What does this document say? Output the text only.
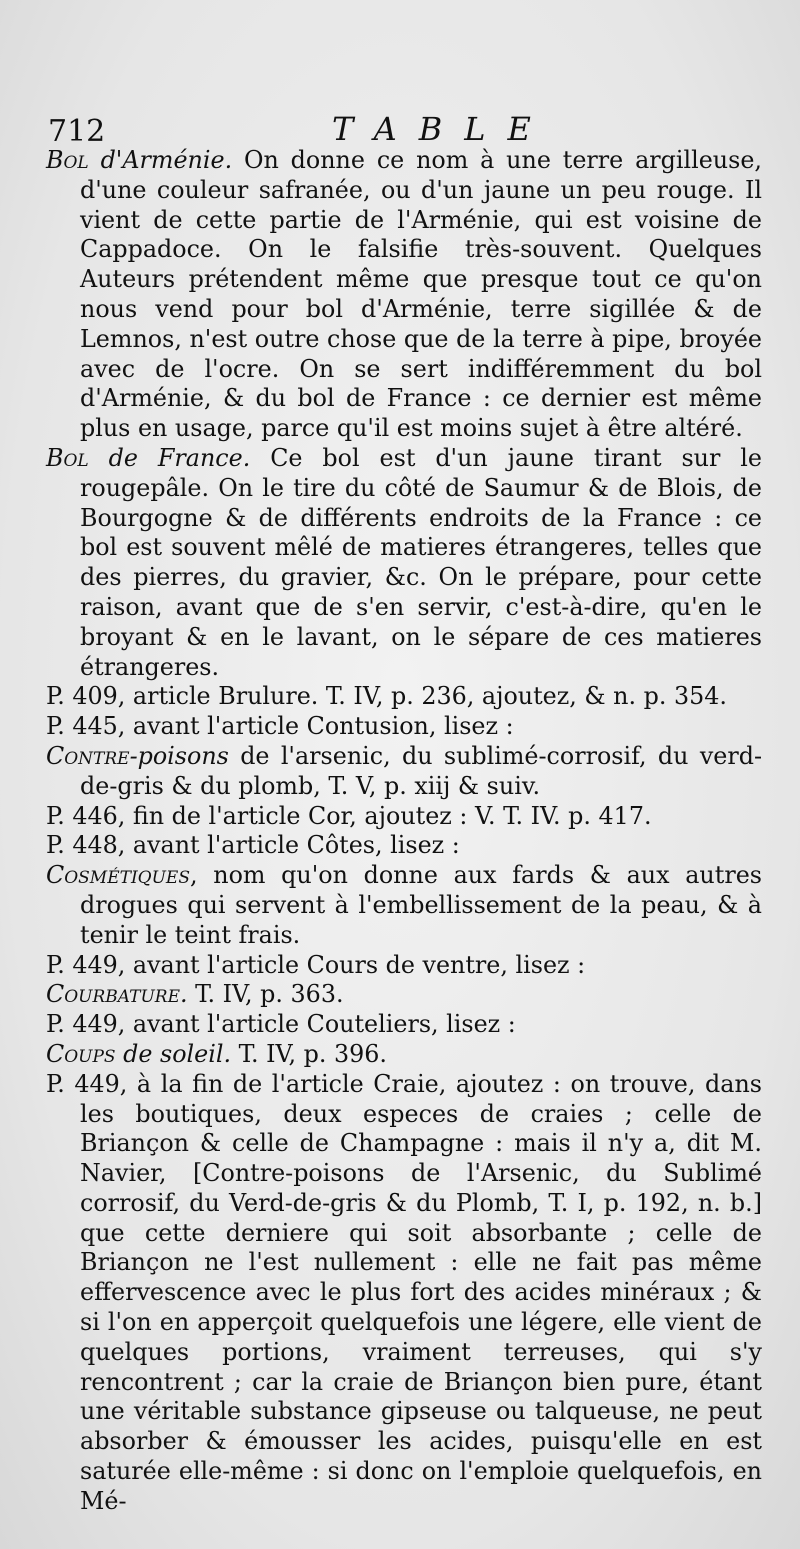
712	TABLE

Bol d'Arménie. On donne ce nom à une terre argilleuse, d'une couleur safranée, ou d'un jaune un peu rouge. Il vient de cette partie de l'Arménie, qui est voisine de Cappadoce. On le falsifie très-souvent. Quelques Auteurs prétendent même que presque tout ce qu'on nous vend pour bol d'Arménie, terre sigillée & de Lemnos, n'est outre chose que de la terre à pipe, broyée avec de l'ocre. On se sert indifféremment du bol d'Arménie, & du bol de France : ce dernier est même plus en usage, parce qu'il est moins sujet à être altéré.

Bol de France. Ce bol est d'un jaune tirant sur le rougepâle. On le tire du côté de Saumur & de Blois, de Bourgogne & de différents endroits de la France : ce bol est souvent mêlé de matieres étrangeres, telles que des pierres, du gravier, &c. On le prépare, pour cette raison, avant que de s'en servir, c'est-à-dire, qu'en le broyant & en le lavant, on le sépare de ces matieres étrangeres.

P. 409, article Brulure. T. IV, p. 236, ajoutez, & n. p. 354.

P. 445, avant l'article Contusion, lisez :

Contre-poisons de l'arsenic, du sublimé-corrosif, du verd-de-gris & du plomb, T. V, p. xiij & suiv.

P. 446, fin de l'article Cor, ajoutez : V. T. IV. p. 417.

P. 448, avant l'article Côtes, lisez :

Cosmétiques, nom qu'on donne aux fards & aux autres drogues qui servent à l'embellissement de la peau, & à tenir le teint frais.

P. 449, avant l'article Cours de ventre, lisez :

Courbature. T. IV, p. 363.

P. 449, avant l'article Couteliers, lisez :

Coups de soleil. T. IV, p. 396.

P. 449, à la fin de l'article Craie, ajoutez : on trouve, dans les boutiques, deux especes de craies ; celle de Briançon & celle de Champagne : mais il n'y a, dit M. Navier, [Contre-poisons de l'Arsenic, du Sublimé corrosif, du Verd-de-gris & du Plomb, T. I, p. 192, n. b.] que cette derniere qui soit absorbante ; celle de Briançon ne l'est nullement : elle ne fait pas même effervescence avec le plus fort des acides minéraux ; & si l'on en apperçoit quelquefois une légere, elle vient de quelques portions, vraiment terreuses, qui s'y rencontrent ; car la craie de Briançon bien pure, étant une véritable substance gipseuse ou talqueuse, ne peut absorber & émousser les acides, puisqu'elle en est saturée elle-même : si donc on l'emploie quelquefois, en Mé-
